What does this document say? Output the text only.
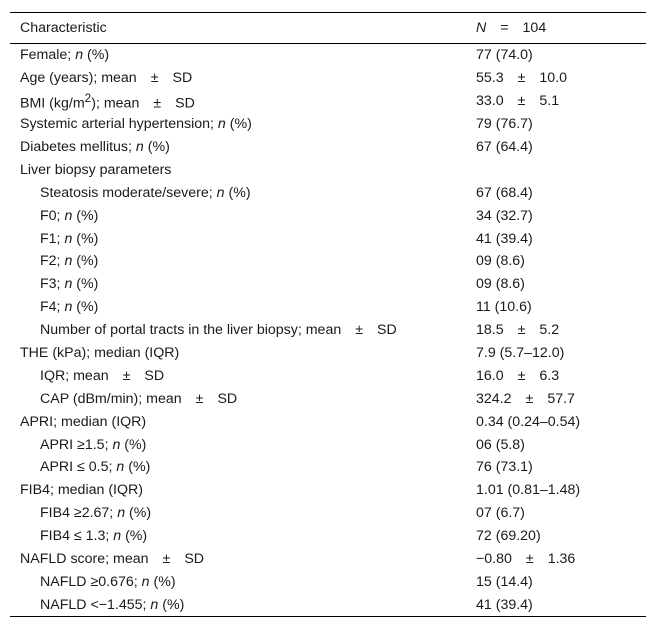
Characteristic	N = 104
Female; n (%)	77 (74.0)
Age (years); mean ± SD	55.3 ± 10.0
BMI $(kg/m^2)$; mean ± SD	33.0 ± 5.1
Systemic arterial hypertension; n (%)	79 (76.7)
Diabetes mellitus; n (%)	67 (64.4)
Liver biopsy parameters	
Steatosis moderate/severe; n (%)	67 (68.4)
F0; n (%)	34 (32.7)
F1; n (%)	41 (39.4)
F2; n (%)	09 (8.6)
F3; n (%)	09 (8.6)
F4; n (%)	11 (10.6)
Number of portal tracts in the liver biopsy; mean ± SD	18.5 ± 5.2
THE (kPa); median (IQR)	7.9 (5.7–12.0)
IQR; mean ± SD	16.0 ± 6.3
CAP (dBm/min); mean ± SD	324.2 ± 57.7
APRI; median (IQR)	0.34 (0.24–0.54)
APRI ≥1.5; n (%)	06 (5.8)
APRI ≤ 0.5; n (%)	76 (73.1)
FIB4; median (IQR)	1.01 (0.81–1.48)
FIB4 ≥2.67; n (%)	07 (6.7)
FIB4 ≤ 1.3; n (%)	72 (69.20)
NAFLD score; mean ± SD	−0.80 ± 1.36
NAFLD ≥0.676; n (%)	15 (14.4)
NAFLD <−1.455; n (%)	41 (39.4)
